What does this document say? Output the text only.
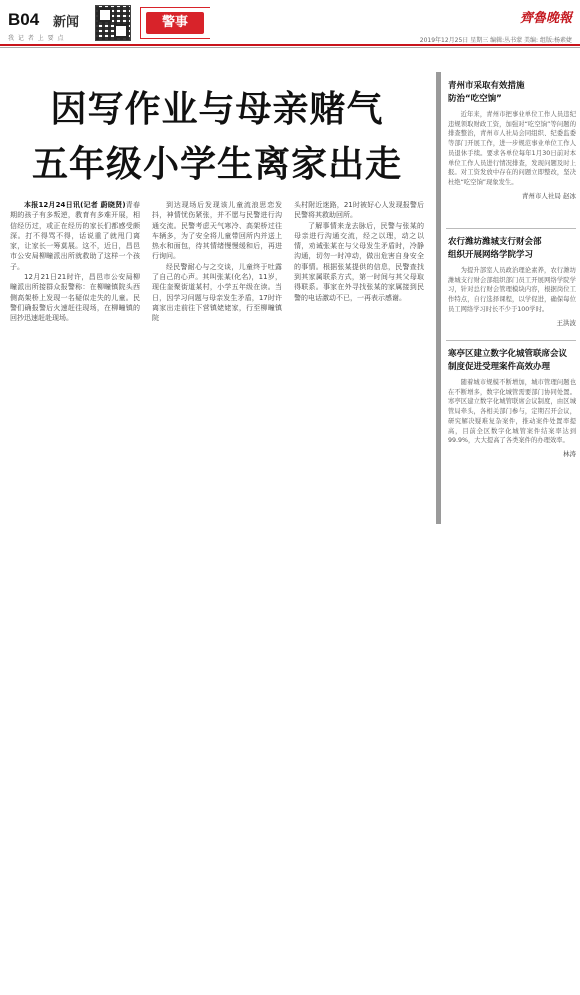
B04 新闻
我 记 者 上 要 点
警事	齊魯晚報
2019年12月25日 星期三 编辑:丛书蒙 美编: 组版:杨素婕
因写作业与母亲赌气
五年级小学生离家出走

本报12月24日讯(记者 蔚晓贤)青春期的孩子有多叛逆，教育有多难开展，相信经历过，或正在经历的家长们都感受颇深。打不得骂不得，话说重了就甩门离家，让家长一筹莫展。这不，近日，昌邑市公安局柳疃派出所就救助了这样一个孩子。

12月21日21时许，昌邑市公安局柳疃派出所接群众报警称：在柳疃镇院头西侧高架桥上发现一名疑似走失的儿童。民警们确报警后火速赶往现场，在柳疃镇的回抄迅速赶赴现场。

到达现场后发现该儿童流浪思恋发抖，神情忧伤紧张，并不愿与民警进行沟通交流。民警考虑天气寒冷、高架桥过往车辆多，为了安全将儿童带回所内并送上热水和面包，待其情绪慢慢缓和后，再进行询问。

经民警耐心与之交谈，儿童终于吐露了自己的心声。其叫张某(化名)，11岁，现住奎聚街道某村，小学五年级在读。当日，因学习问题与母亲发生矛盾，17时许离家出走前往下营镇姥姥家，行至柳疃镇院

头村附近迷路，21时被好心人发现报警后民警将其救助回所。

了解事情来龙去脉后，民警与张某的母亲进行沟通交流，经之以理，动之以情，劝诫张某在与父母发生矛盾时，冷静沟通，切勿一时冲动，做出危害自身安全的事情。根据张某提供的信息，民警查找到其家属联系方式，第一时间与其父母取得联系。事家在外寻找张某的家属接到民警的电话激动不已，一再表示感谢。

青州市采取有效措施
防治“吃空饷”
近年来，青州市把事业单位工作人员违纪违规领取财政工资，加强对“吃空饷”等问题的排查整治，青州市人社局会同组织、纪委监委等部门开展工作，进一步规范事业单位工作人员退休手续。要求各单位每年1月30日前对本单位工作人员进行情况排查，发现问题及时上报。对工资发放中存在的问题立即整改，坚决杜绝“吃空饷”现象发生。
青州市人社局 赵冰
农行潍坊潍城支行财会部
组织开展网络学院学习
为提升部室人员政治理论素养，农行潍坊潍城支行财会部组织部门员工开展网络学院学习，针对总行财会管理模块内容，根据岗位工作特点，自行选择课程，以学促进，确保每位员工网络学习时长不少于100学时。
王洪波
寒亭区建立数字化城管联席会议
制度促进受理案件高效办理
随着城市规模不断增加，城市管理问题也在不断增多，数字化城管需要部门协同处置。寒亭区建立数字化城管联席会议制度，由区城管局牵头，各相关部门参与，定期召开会议，研究解决疑难复杂案件，推动案件处置率提高，目前全区数字化城管案件结案率达到99.9%，大大提高了各类案件的办理效率。
林涛
